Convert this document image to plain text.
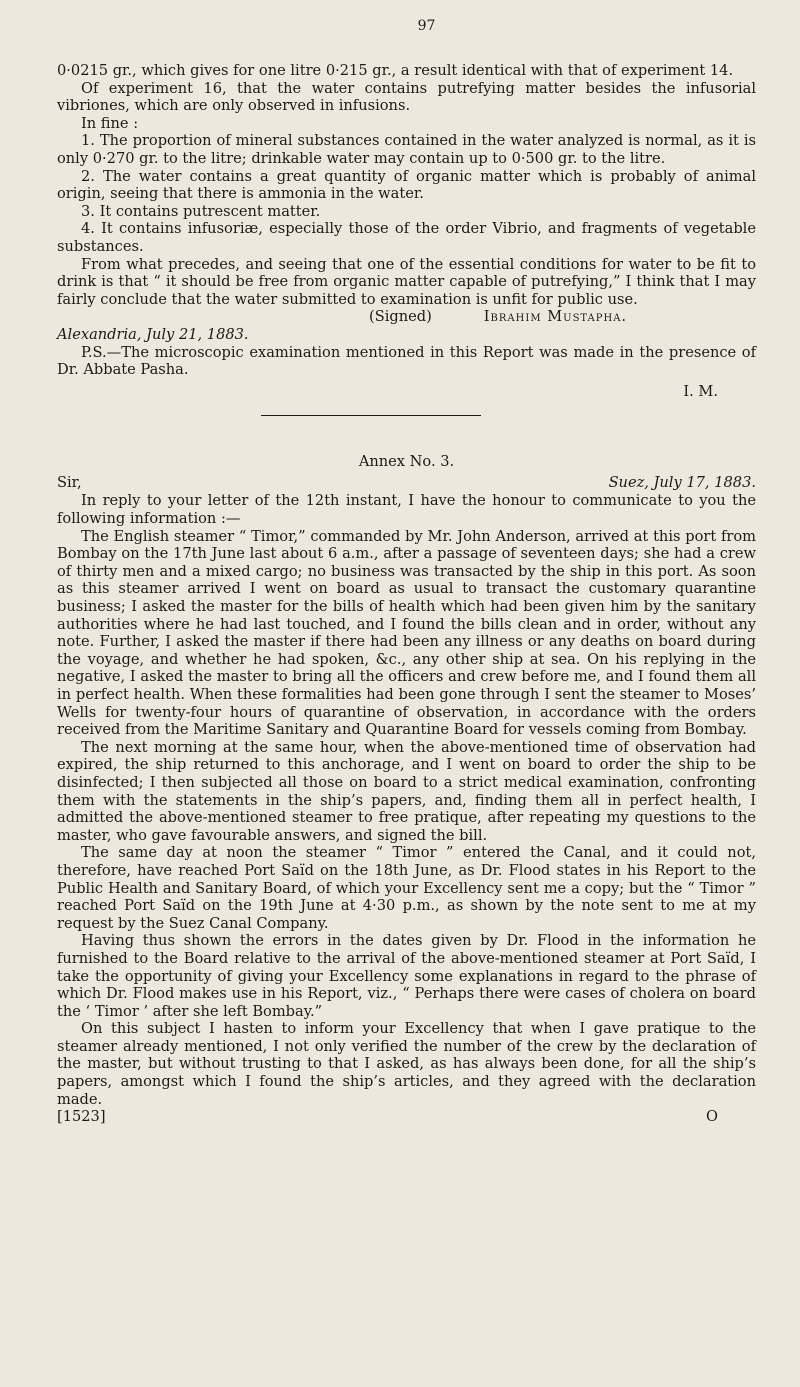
97

0·0215 gr., which gives for one litre 0·215 gr., a result identical with that of experiment 14.

Of experiment 16, that the water contains putrefying matter besides the infusorial vibriones, which are only observed in infusions.

In fine :

1. The proportion of mineral substances contained in the water analyzed is normal, as it is only 0·270 gr. to the litre; drinkable water may contain up to 0·500 gr. to the litre.

2. The water contains a great quantity of organic matter which is probably of animal origin, seeing that there is ammonia in the water.

3. It contains putrescent matter.

4. It contains infusoriæ, especially those of the order Vibrio, and fragments of vegetable substances.

From what precedes, and seeing that one of the essential conditions for water to be fit to drink is that “ it should be free from organic matter capable of putrefying,” I think that I may fairly conclude that the water submitted to examination is unfit for public use.

(Signed)	Ibrahim Mustapha.

Alexandria, July 21, 1883.

P.S.—The microscopic examination mentioned in this Report was made in the presence of Dr. Abbate Pasha.

I. M.
Annex No. 3.
Sir,	Suez, July 17, 1883.

In reply to your letter of the 12th instant, I have the honour to communicate to you the following information :—

The English steamer “ Timor,” commanded by Mr. John Anderson, arrived at this port from Bombay on the 17th June last about 6 a.m., after a passage of seventeen days; she had a crew of thirty men and a mixed cargo; no business was transacted by the ship in this port. As soon as this steamer arrived I went on board as usual to transact the customary quarantine business; I asked the master for the bills of health which had been given him by the sanitary authorities where he had last touched, and I found the bills clean and in order, without any note. Further, I asked the master if there had been any illness or any deaths on board during the voyage, and whether he had spoken, &c., any other ship at sea. On his replying in the negative, I asked the master to bring all the officers and crew before me, and I found them all in perfect health. When these formalities had been gone through I sent the steamer to Moses’ Wells for twenty-four hours of quarantine of observation, in accordance with the orders received from the Maritime Sanitary and Quarantine Board for vessels coming from Bombay.

The next morning at the same hour, when the above-mentioned time of observation had expired, the ship returned to this anchorage, and I went on board to order the ship to be disinfected; I then subjected all those on board to a strict medical examination, confronting them with the statements in the ship’s papers, and, finding them all in perfect health, I admitted the above-mentioned steamer to free pratique, after repeating my questions to the master, who gave favourable answers, and signed the bill.

The same day at noon the steamer “ Timor ” entered the Canal, and it could not, therefore, have reached Port Saïd on the 18th June, as Dr. Flood states in his Report to the Public Health and Sanitary Board, of which your Excellency sent me a copy; but the “ Timor ” reached Port Saïd on the 19th June at 4·30 p.m., as shown by the note sent to me at my request by the Suez Canal Company.

Having thus shown the errors in the dates given by Dr. Flood in the information he furnished to the Board relative to the arrival of the above-mentioned steamer at Port Saïd, I take the opportunity of giving your Excellency some explanations in regard to the phrase of which Dr. Flood makes use in his Report, viz., “ Perhaps there were cases of cholera on board the ‘ Timor ’ after she left Bombay.”

On this subject I hasten to inform your Excellency that when I gave pratique to the steamer already mentioned, I not only verified the number of the crew by the declaration of the master, but without trusting to that I asked, as has always been done, for all the ship’s papers, amongst which I found the ship’s articles, and they agreed with the declaration made.

[1523]	O
